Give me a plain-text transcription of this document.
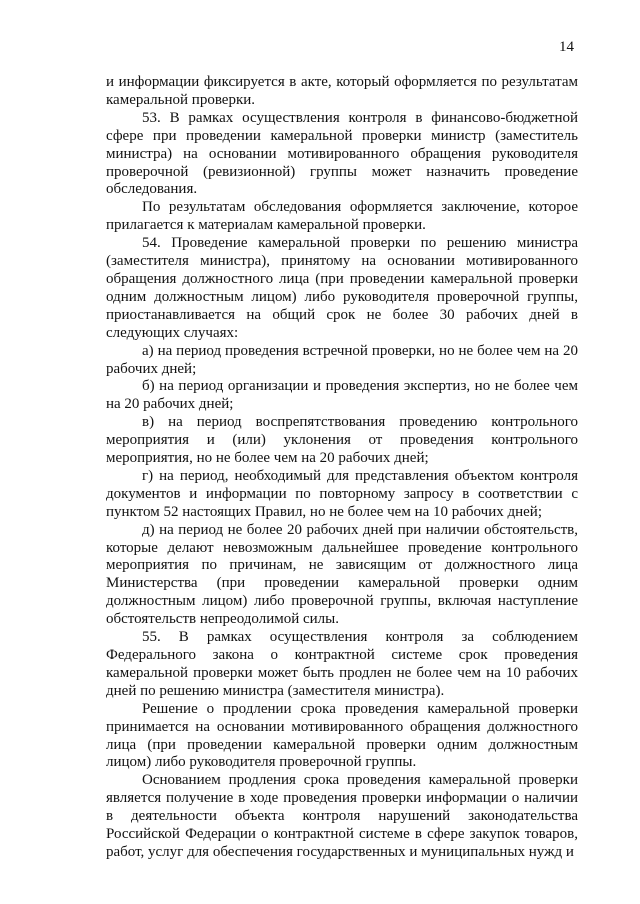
14

и информации фиксируется в акте, который оформляется по результатам камеральной проверки.

53. В рамках осуществления контроля в финансово-бюджетной сфере при проведении камеральной проверки министр (заместитель министра) на основании мотивированного обращения руководителя проверочной (ревизионной) группы может назначить проведение обследования.

По результатам обследования оформляется заключение, которое прилагается к материалам камеральной проверки.

54. Проведение камеральной проверки по решению министра (заместителя министра), принятому на основании мотивированного обращения должностного лица (при проведении камеральной проверки одним должностным лицом) либо руководителя проверочной группы, приостанавливается на общий срок не более 30 рабочих дней в следующих случаях:

а) на период проведения встречной проверки, но не более чем на 20 рабочих дней;

б) на период организации и проведения экспертиз, но не более чем на 20 рабочих дней;

в) на период воспрепятствования проведению контрольного мероприятия и (или) уклонения от проведения контрольного мероприятия, но не более чем на 20 рабочих дней;

г) на период, необходимый для представления объектом контроля документов и информации по повторному запросу в соответствии с пунктом 52 настоящих Правил, но не более чем на 10 рабочих дней;

д) на период не более 20 рабочих дней при наличии обстоятельств, которые делают невозможным дальнейшее проведение контрольного мероприятия по причинам, не зависящим от должностного лица Министерства (при проведении камеральной проверки одним должностным лицом) либо проверочной группы, включая наступление обстоятельств непреодолимой силы.

55. В рамках осуществления контроля за соблюдением Федерального закона о контрактной системе срок проведения камеральной проверки может быть продлен не более чем на 10 рабочих дней по решению министра (заместителя министра).

Решение о продлении срока проведения камеральной проверки принимается на основании мотивированного обращения должностного лица (при проведении камеральной проверки одним должностным лицом) либо руководителя проверочной группы.

Основанием продления срока проведения камеральной проверки является получение в ходе проведения проверки информации о наличии в деятельности объекта контроля нарушений законодательства Российской Федерации о контрактной системе в сфере закупок товаров, работ, услуг для обеспечения государственных и муниципальных нужд и
